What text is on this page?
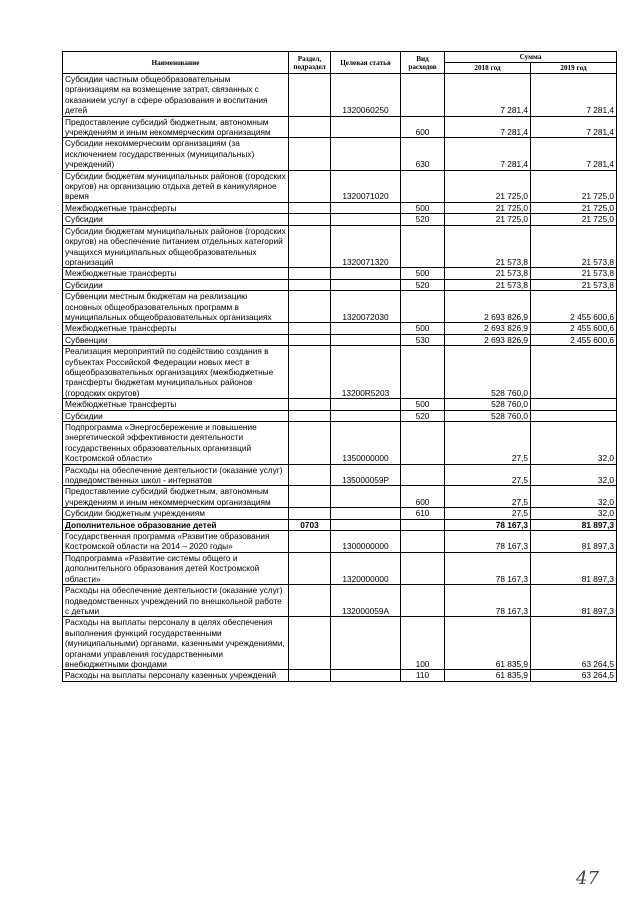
Наименование	Раздел, подраздел	Целевая статья	Вид расходов	Сумма	
				2018 год	2019 год
Субсидии частным общеобразовательным организациям на возмещение затрат, связанных с оказанием услуг в сфере образования и воспитания детей		1320060250		7 281,4	7 281,4
Предоставление субсидий бюджетным, автономным учреждениям и иным некоммерческим организациям			600	7 281,4	7 281,4
Субсидии некоммерческим организациям (за исключением государственных (муниципальных) учреждений)			630	7 281,4	7 281,4
Субсидии бюджетам муниципальных районов (городских округов) на организацию отдыха детей в каникулярное время		1320071020		21 725,0	21 725,0
Межбюджетные трансферты			500	21 725,0	21 725,0
Субсидии			520	21 725,0	21 725,0
Субсидии бюджетам муниципальных районов (городских округов) на обеспечение питанием отдельных категорий учащихся муниципальных общеобразовательных организаций		1320071320		21 573,8	21 573,8
Межбюджетные трансферты			500	21 573,8	21 573,8
Субсидии			520	21 573,8	21 573,8
Субвенции местным бюджетам на реализацию основных общеобразовательных программ в муниципальных общеобразовательных организациях		1320072030		2 693 826,9	2 455 600,6
Межбюджетные трансферты			500	2 693 826,9	2 455 600,6
Субвенции			530	2 693 826,9	2 455 600,6
Реализация мероприятий по содействию создания в субъектах Российской Федерации новых мест в общеобразовательных организациях (межбюджетные трансферты бюджетам муниципальных районов (городских округов)		13200R5203		528 760,0	
Межбюджетные трансферты			500	528 760,0	
Субсидии			520	528 760,0	
Подпрограмма «Энергосбережение и повышение энергетической эффективности деятельности государственных образовательных организаций Костромской области»		1350000000		27,5	32,0
Расходы на обеспечение деятельности (оказание услуг) подведомственных школ - интернатов		135000059Р		27,5	32,0
Предоставление субсидий бюджетным, автономным учреждениям и иным некоммерческим организациям			600	27,5	32,0
Субсидии бюджетным учреждениям			610	27,5	32,0
Дополнительное образование детей	0703			78 167,3	81 897,3
Государственная программа «Развитие образования Костромской области на 2014 – 2020 годы»		1300000000		78 167,3	81 897,3
Подпрограмма «Развитие системы общего и дополнительного образования детей Костромской области»		1320000000		78 167,3	81 897,3
Расходы на обеспечение деятельности (оказание услуг) подведомственных учреждений по внешкольной работе с детьми		132000059А		78 167,3	81 897,3
Расходы на выплаты персоналу в целях обеспечения выполнения функций государственными (муниципальными) органами, казенными учреждениями, органами управления государственными внебюджетными фондами			100	61 835,9	63 264,5
Расходы на выплаты персоналу казенных учреждений			110	61 835,9	63 264,5
47
